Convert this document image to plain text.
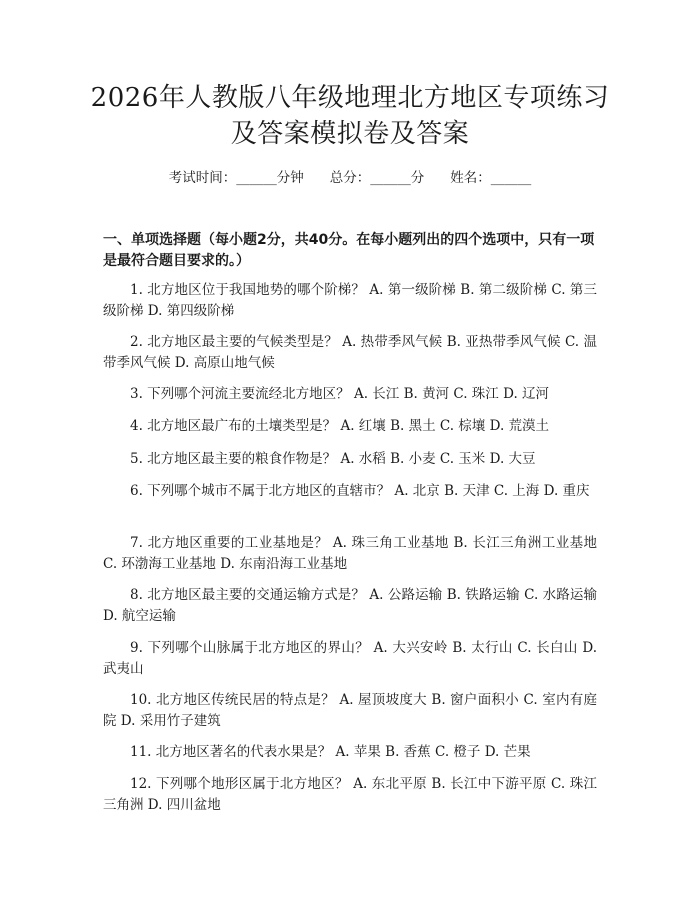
2026年人教版八年级地理北方地区专项练习
及答案模拟卷及答案
考试时间：______分钟 总分：______分 姓名：______
一、单项选择题（每小题2分，共40分。在每小题列出的四个选项中，只有一项是最符合题目要求的。）
1. 北方地区位于我国地势的哪个阶梯？ A. 第一级阶梯 B. 第二级阶梯 C. 第三级阶梯 D. 第四级阶梯
2. 北方地区最主要的气候类型是？ A. 热带季风气候 B. 亚热带季风气候 C. 温带季风气候 D. 高原山地气候
3. 下列哪个河流主要流经北方地区？ A. 长江 B. 黄河 C. 珠江 D. 辽河
4. 北方地区最广布的土壤类型是？ A. 红壤 B. 黑土 C. 棕壤 D. 荒漠土
5. 北方地区最主要的粮食作物是？ A. 水稻 B. 小麦 C. 玉米 D. 大豆
6. 下列哪个城市不属于北方地区的直辖市？ A. 北京 B. 天津 C. 上海 D. 重庆
7. 北方地区重要的工业基地是？ A. 珠三角工业基地 B. 长江三角洲工业基地 C. 环渤海工业基地 D. 东南沿海工业基地
8. 北方地区最主要的交通运输方式是？ A. 公路运输 B. 铁路运输 C. 水路运输 D. 航空运输
9. 下列哪个山脉属于北方地区的界山？ A. 大兴安岭 B. 太行山 C. 长白山 D. 武夷山
10. 北方地区传统民居的特点是？ A. 屋顶坡度大 B. 窗户面积小 C. 室内有庭院 D. 采用竹子建筑
11. 北方地区著名的代表水果是？ A. 苹果 B. 香蕉 C. 橙子 D. 芒果
12. 下列哪个地形区属于北方地区？ A. 东北平原 B. 长江中下游平原 C. 珠江三角洲 D. 四川盆地
